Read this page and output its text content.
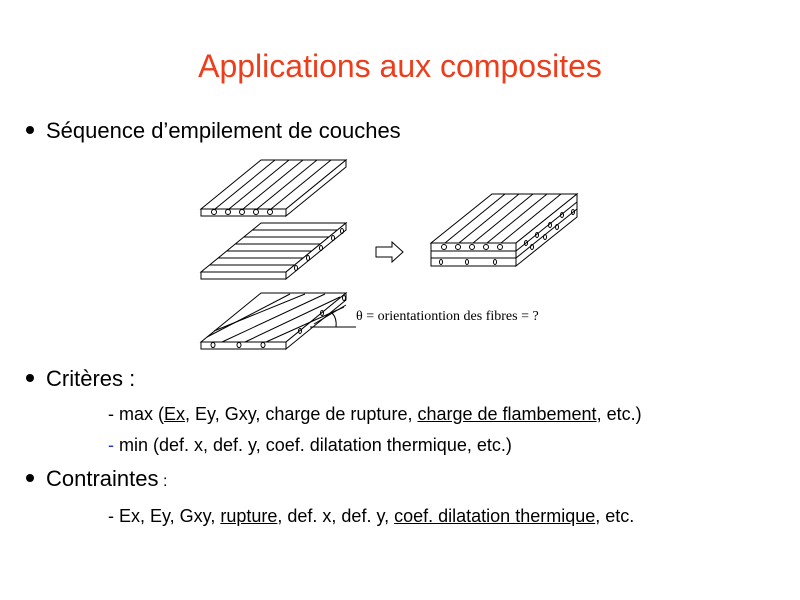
Applications aux composites
Séquence d’empilement de couches
θ = orientationtion des fibres = ?
Critères :
- max (Ex, Ey, Gxy, charge de rupture, charge de flambement, etc.)
- min (def. x, def. y, coef. dilatation thermique, etc.)
Contraintes :
- Ex, Ey, Gxy, rupture, def. x, def. y, coef. dilatation thermique, etc.
